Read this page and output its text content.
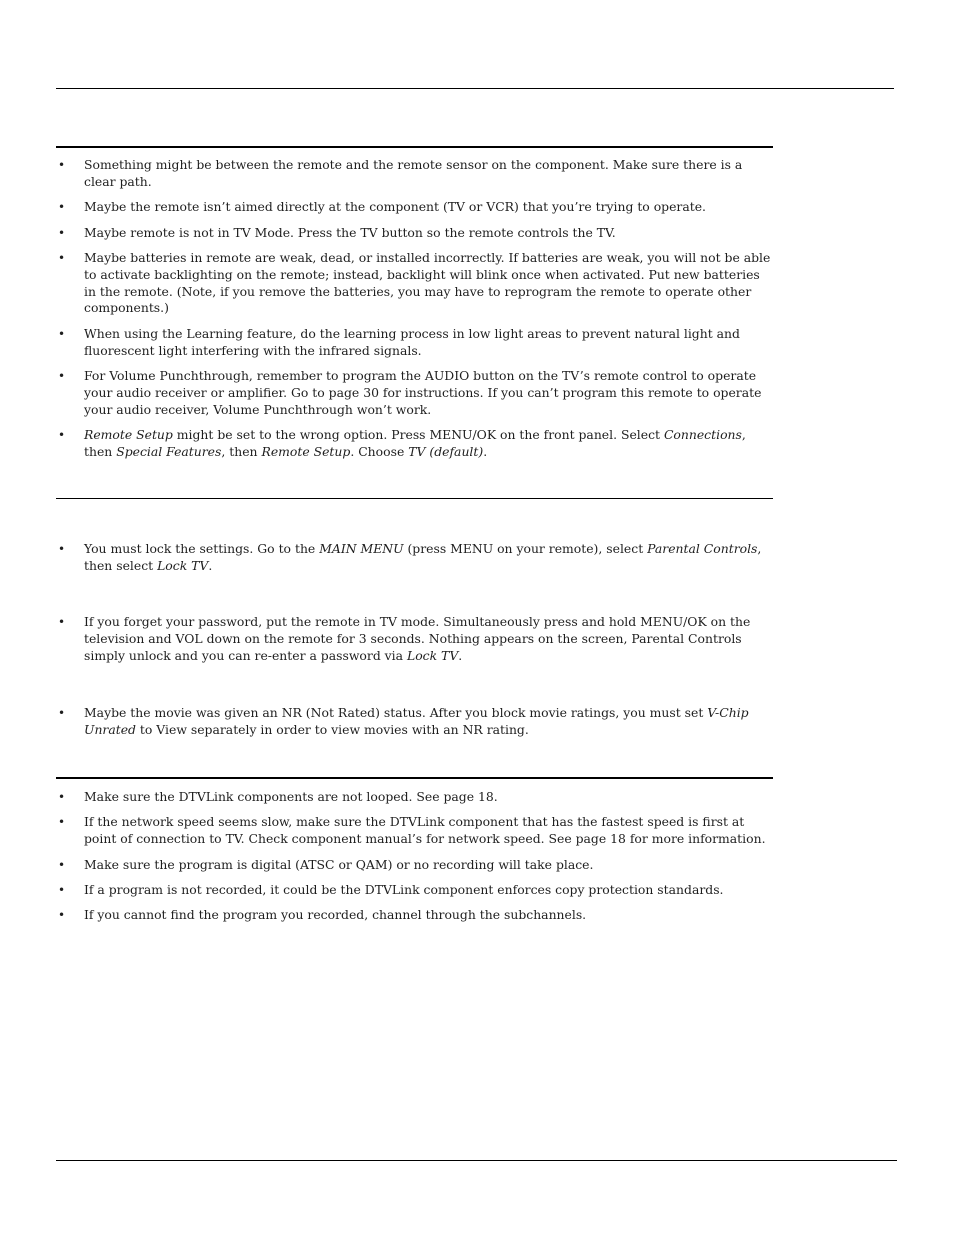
• Something might be between the remote and the remote sensor on the component. Make sure there is a clear path.
• Maybe the remote isn’t aimed directly at the component (TV or VCR) that you’re trying to operate.
• Maybe remote is not in TV Mode. Press the TV button so the remote controls the TV.
• Maybe batteries in remote are weak, dead, or installed incorrectly. If batteries are weak, you will not be able to activate backlighting on the remote; instead, backlight will blink once when activated. Put new batteries in the remote. (Note, if you remove the batteries, you may have to reprogram the remote to operate other components.)
• When using the Learning feature, do the learning process in low light areas to prevent natural light and fluorescent light interfering with the infrared signals.
• For Volume Punchthrough, remember to program the AUDIO button on the TV’s remote control to operate your audio receiver or amplifier. Go to page 30 for instructions. If you can’t program this remote to operate your audio receiver, Volume Punchthrough won’t work.
• Remote Setup might be set to the wrong option. Press MENU/OK on the front panel. Select Connections, then Special Features, then Remote Setup. Choose TV (default).
• You must lock the settings. Go to the MAIN MENU (press MENU on your remote), select Parental Controls, then select Lock TV.
• If you forget your password, put the remote in TV mode. Simultaneously press and hold MENU/OK on the television and VOL down on the remote for 3 seconds. Nothing appears on the screen, Parental Controls simply unlock and you can re-enter a password via Lock TV.
• Maybe the movie was given an NR (Not Rated) status. After you block movie ratings, you must set V-Chip Unrated to View separately in order to view movies with an NR rating.
• Make sure the DTVLink components are not looped. See page 18.
• If the network speed seems slow, make sure the DTVLink component that has the fastest speed is first at point of connection to TV. Check component manual’s for network speed. See page 18 for more information.
• Make sure the program is digital (ATSC or QAM) or no recording will take place.
• If a program is not recorded, it could be the DTVLink component enforces copy protection standards.
• If you cannot find the program you recorded, channel through the subchannels.
